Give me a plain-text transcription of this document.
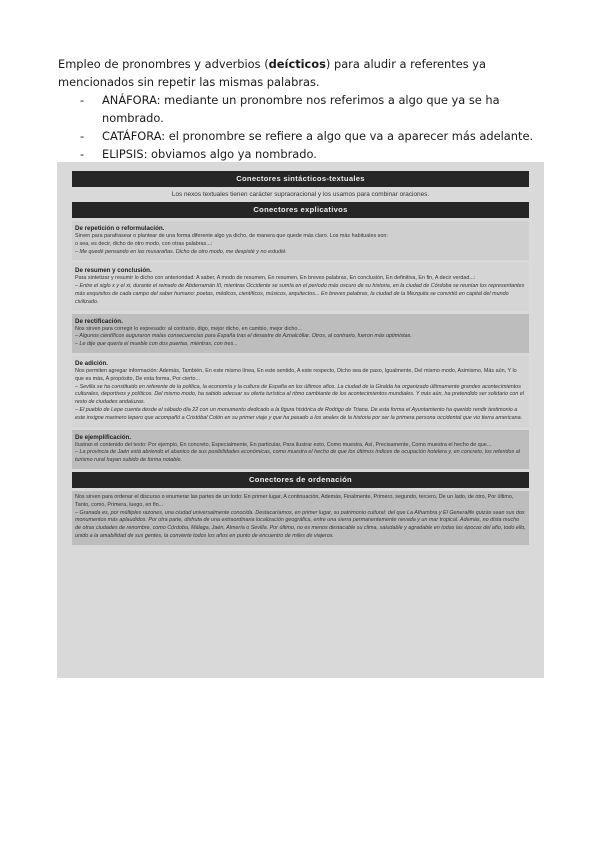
Empleo de pronombres y adverbios (deícticos) para aludir a referentes ya mencionados sin repetir las mismas palabras.

- ANÁFORA: mediante un pronombre nos referimos a algo que ya se ha nombrado.
- CATÁFORA: el pronombre se refiere a algo que va a aparecer más adelante.
- ELIPSIS: obviamos algo ya nombrado.

Conectores sintácticos-textuales
Los nexos textuales tienen carácter supraoracional y los usamos para combinar oraciones.
Conectores explicativos
De repetición o reformulación.

Sirven para parafrasear o plantear de una forma diferente algo ya dicho, de manera que quede más claro. Los más habituales son:

o sea, es decir, dicho de otro modo, con otras palabras...:

– Me quedé pensando en las musarañas. Dicho de otro modo, me despisté y no estudié.

De resumen y conclusión.

Para sintetizar y resumir lo dicho con anterioridad: A saber, A modo de resumen, En resumen, En breves palabras, En conclusión, En definitiva, En fin, A decir verdad...:

– Entre el siglo x y el xi, durante el reinado de Abderramán III, mientras Occidente se sumía en el período más oscuro de su historia, en la ciudad de Córdoba se reunían los representantes más exquisitos de cada campo del saber humano: poetas, médicos, científicos, músicos, arquitectos... En breves palabras, la ciudad de la Mezquita se convirtió en capital del mundo civilizado.

De rectificación.

Nos sirven para corregir lo expresado: al contrario, digo, mejor dicho, en cambio, mejor dicho...

– Algunos científicos auguraron malas consecuencias para España tras el desastre de Aznalcóllar. Otros, al contrario, fueron más optimistas.

– Le dije que quería el mueble con dos puertas, mientras, con tres...

De adición.

Nos permiten agregar información: Además, También, En este mismo línea, En este sentido, A este respecto, Dicho sea de paso, Igualmente, Del mismo modo, Asimismo, Más aún, Y lo que es más, A propósito, De esta forma, Por cierto...

– Sevilla se ha constituido en referente de la política, la economía y la cultura de España en los últimos años. La ciudad de la Giralda ha organizado últimamente grandes acontecimientos culturales, deportivos y políticos. Del mismo modo, ha sabido adecuar su oferta turística al ritmo cambiante de los acontecimientos mundiales. Y más aún, ha pretendido ser solidario con el resto de ciudades andaluzas.

– El pueblo de Lepe cuenta desde el sábado día 22 con un monumento dedicado a la figura histórica de Rodrigo de Triana. De esta forma el Ayuntamiento ha querido rendir testimonio a este insigne marinero lepero que acompañó a Cristóbal Colón en su primer viaje y que ha pasado a los anales de la historia por ser la primera persona occidental que vio tierra americana.

De ejemplificación.

Ilustran el contenido del texto: Por ejemplo, En concreto, Especialmente, En particular, Para ilustrar esto, Como muestra, Así, Precisamente, Como muestra el hecho de que...

– La provincia de Jaén está abriendo el abanico de sus posibilidades económicas, como muestra el hecho de que los últimos índices de ocupación hotelera y, en concreto, los referidos al turismo rural hayan subido de forma notable.

Conectores de ordenación

Nos sirven para ordenar el discurso o enumerar las partes de un todo: En primer lugar, A continuación, Además, Finalmente, Primero, segundo, tercero, De un lado, de otro, Por último, Tanto, como, Primera, luego, en fin...

– Granada es, por múltiples razones, una ciudad universalmente conocida. Destacaríamos, en primer lugar, su patrimonio cultural: del que La Alhambra y El Generalife quizás sean sus dos monumentos más aplaudidos. Por otra parte, disfruta de una extraordinaria localización geográfica, entre una sierra permanentemente nevada y un mar tropical. Además, no dista mucho de otras ciudades de renombre, como Córdoba, Málaga, Jaén, Almería o Sevilla. Por último, no es menos destacable su clima, saludable y agradable en todas las épocas del año, todo ello, unido a la amabilidad de sus gentes, la convierte todos los años en punto de encuentro de miles de viajeros.
